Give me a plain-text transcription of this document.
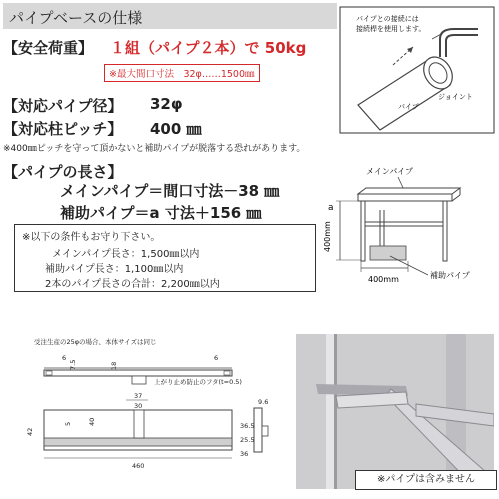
パイプベースの仕様
【安全荷重】 １組（パイプ２本）で 50kg
※最大間口寸法　32φ……1500㎜
【対応パイプ径】 32φ
【対応柱ピッチ】 400 ㎜
※400㎜ピッチを守って頂かないと補助パイプが脱落する恐れがあります。
【パイプの長さ】
メインパイプ＝間口寸法－38 ㎜
補助パイプ＝a 寸法＋156 ㎜
※以下の条件もお守り下さい。
メインパイプ長さ：1,500㎜以内
補助パイプ長さ：1,100㎜以内
2本のパイプ長さの合計：2,200㎜以内
パイプとの接続には
接続桿を使用します。
パイプ
ジョイント
メインパイプ
a
400mm
400mm	補助パイプ
受注生産の25φの場合、本体サイズは同じ
6	6
7.5	18
上がり止め防止のフタ(t=0.5)
37
30
5 40
42
460
9.6
36.5
25.5
36
※パイプは含みません
